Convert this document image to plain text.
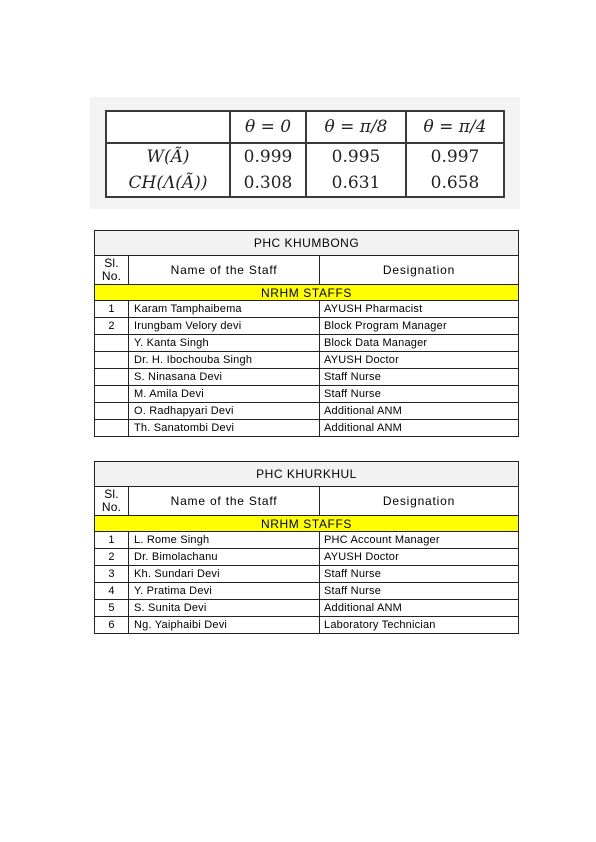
	θ = 0	θ = π/8	θ = π/4
W(Ã)	0.999	0.995	0.997
CH(Λ(Ã))	0.308	0.631	0.658
PHC KHUMBONG		
Sl.
No.	Name of the Staff	Designation
NRHM STAFFS		
1	Karam Tamphaibema	AYUSH Pharmacist
2	Irungbam Velory devi	Block Program Manager
	Y. Kanta Singh	Block Data Manager
	Dr. H. Ibochouba Singh	AYUSH Doctor
	S. Ninasana Devi	Staff Nurse
	M. Amila Devi	Staff Nurse
	O. Radhapyari Devi	Additional ANM
	Th. Sanatombi Devi	Additional ANM
PHC KHURKHUL		
Sl.
No.	Name of the Staff	Designation
NRHM STAFFS		
1	L. Rome Singh	PHC Account Manager
2	Dr. Bimolachanu	AYUSH Doctor
3	Kh. Sundari Devi	Staff Nurse
4	Y. Pratima Devi	Staff Nurse
5	S. Sunita Devi	Additional ANM
6	Ng. Yaiphaibi Devi	Laboratory Technician
